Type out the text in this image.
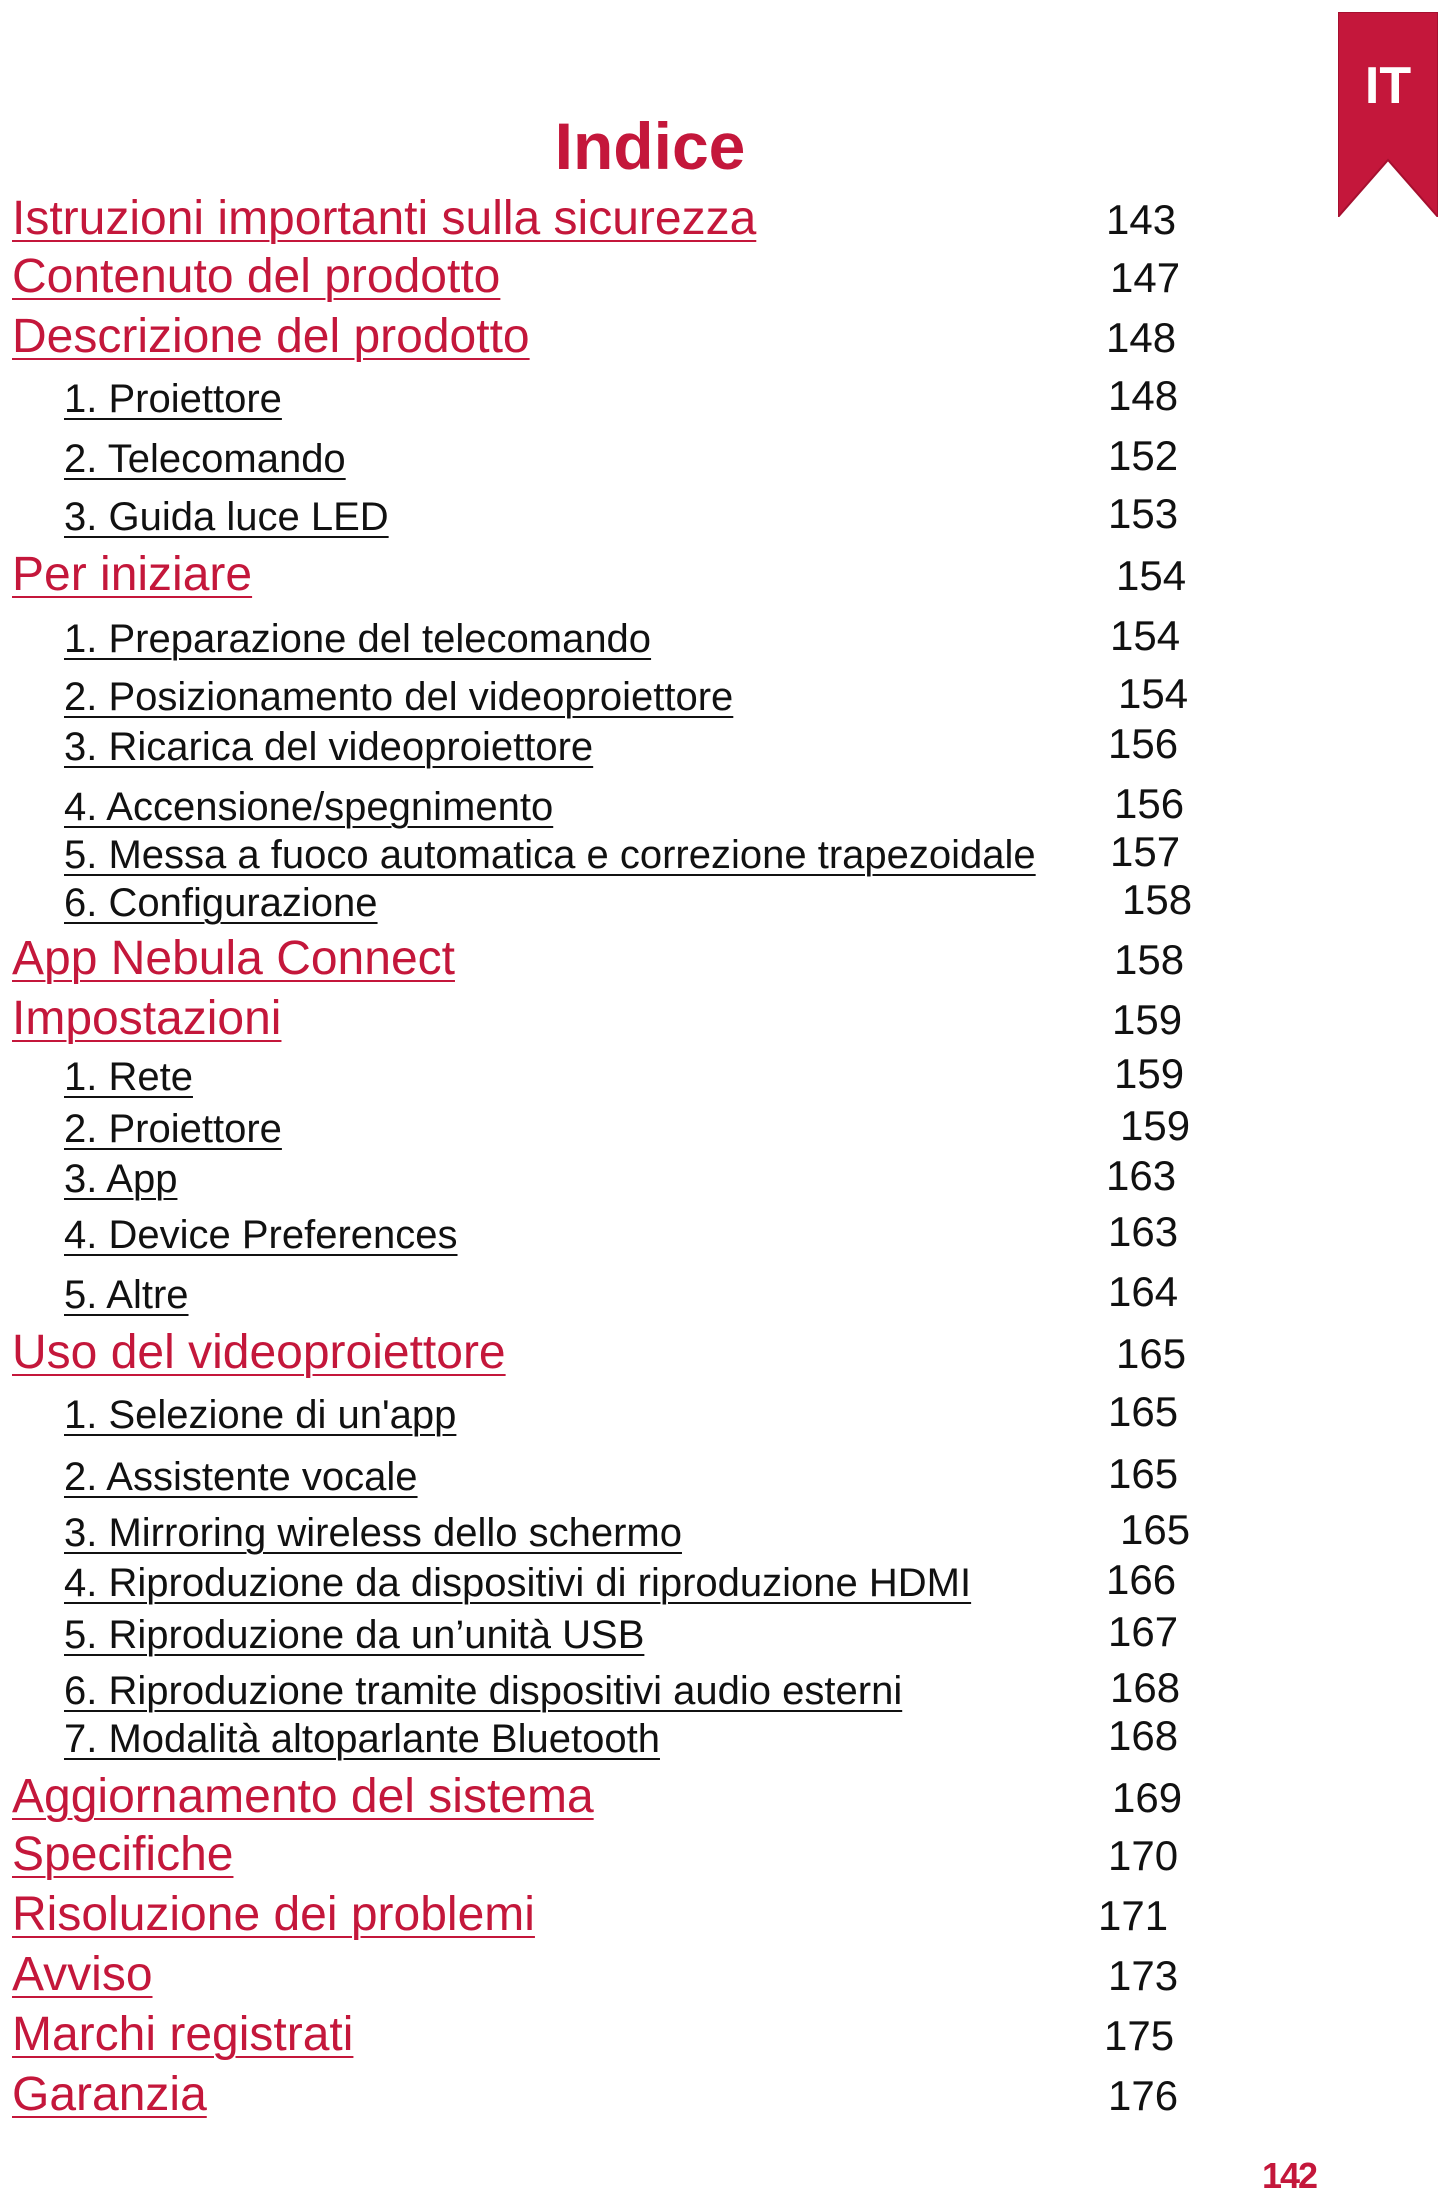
IT
Indice
Istruzioni importanti sulla sicurezza	143
Contenuto del prodotto	147
Descrizione del prodotto	148
1. Proiettore	148
2. Telecomando	152
3. Guida luce LED	153
Per iniziare	154
1. Preparazione del telecomando	154
2. Posizionamento del videoproiettore	154
3. Ricarica del videoproiettore	156
4. Accensione/spegnimento	156
5. Messa a fuoco automatica e correzione trapezoidale 157
6. Configurazione	158
App Nebula Connect	158
Impostazioni	159
1. Rete	159
2. Proiettore	159
3. App	163
4. Device Preferences	163
5. Altre	164
Uso del videoproiettore	165
1. Selezione di un'app	165
2. Assistente vocale	165
3. Mirroring wireless dello schermo	165
4. Riproduzione da dispositivi di riproduzione HDMI	166
5. Riproduzione da un’unità USB	167
6. Riproduzione tramite dispositivi audio esterni	168
7. Modalità altoparlante Bluetooth	168
Aggiornamento del sistema	169
Specifiche	170
Risoluzione dei problemi	171
Avviso	173
Marchi registrati	175
Garanzia	176
142
